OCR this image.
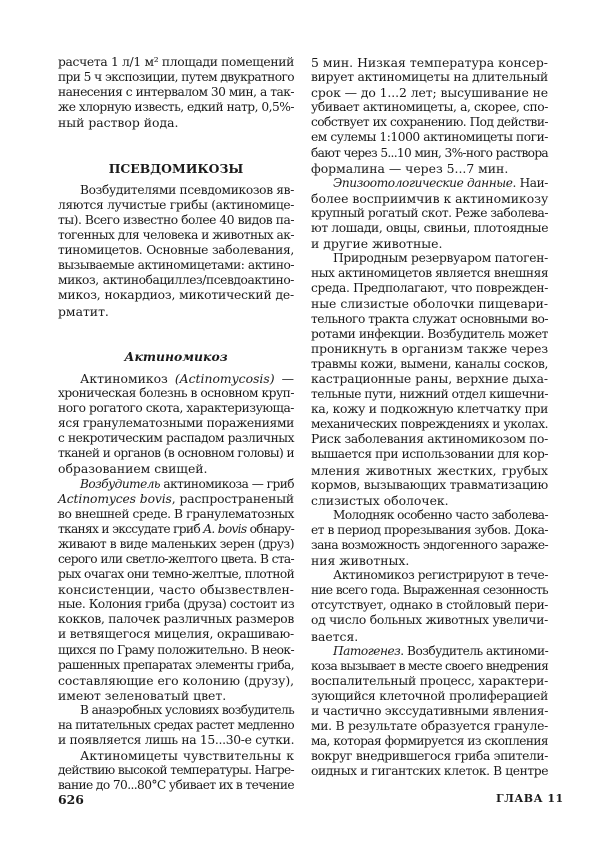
расчета 1 л/1 м² площади помещений
при 5 ч экспозиции, путем двукратного
нанесения с интервалом 30 мин, а так-
же хлорную известь, едкий натр, 0,5%-
ный раствор йода.
ПСЕВДОМИКОЗЫ
Возбудителями псевдомикозов яв-
ляются лучистые грибы (актиномице-
ты). Всего известно более 40 видов па-
тогенных для человека и животных ак-
тиномицетов. Основные заболевания,
вызываемые актиномицетами: актино-
микоз, актинобациллез/псевдоактино-
микоз, нокардиоз, микотический де-
рматит.
Актиномикоз
Актиномикоз (Actinomycosis) —
хроническая болезнь в основном круп-
ного рогатого скота, характеризующа-
яся гранулематозными поражениями
с некротическим распадом различных
тканей и органов (в основном головы) и
образованием свищей.
Возбудитель актиномикоза — гриб
Actinomyces bovis, распространеный
во внешней среде. В гранулематозных
тканях и экссудате гриб A. bovis обнару-
живают в виде маленьких зерен (друз)
серого или светло-желтого цвета. В ста-
рых очагах они темно-желтые, плотной
консистенции, часто обызвествлен-
ные. Колония гриба (друза) состоит из
кокков, палочек различных размеров
и ветвящегося мицелия, окрашиваю-
щихся по Граму положительно. В неок-
рашенных препаратах элементы гриба,
составляющие его колонию (друзу),
имеют зеленоватый цвет.
В анаэробных условиях возбудитель
на питательных средах растет медленно
и появляется лишь на 15...30-е сутки.
Актиномицеты чувствительны к
действию высокой температуры. Нагре-
вание до 70...80°С убивает их в течение
5 мин. Низкая температура консер-
вирует актиномицеты на длительный
срок — до 1...2 лет; высушивание не
убивает актиномицеты, а, скорее, спо-
собствует их сохранению. Под действи-
ем сулемы 1:1000 актиномицеты поги-
бают через 5...10 мин, 3%-ного раствора
формалина — через 5...7 мин.
Эпизоотологические данные. Наи-
более восприимчив к актиномикозу
крупный рогатый скот. Реже заболева-
ют лошади, овцы, свиньи, плотоядные
и другие животные.
Природным резервуаром патоген-
ных актиномицетов является внешняя
среда. Предполагают, что поврежден-
ные слизистые оболочки пищевари-
тельного тракта служат основными во-
ротами инфекции. Возбудитель может
проникнуть в организм также через
травмы кожи, вымени, каналы сосков,
кастрационные раны, верхние дыха-
тельные пути, нижний отдел кишечни-
ка, кожу и подкожную клетчатку при
механических повреждениях и уколах.
Риск заболевания актиномикозом по-
вышается при использовании для кор-
мления животных жестких, грубых
кормов, вызывающих травматизацию
слизистых оболочек.
Молодняк особенно часто заболева-
ет в период прорезывания зубов. Дока-
зана возможность эндогенного зараже-
ния животных.
Актиномикоз регистрируют в тече-
ние всего года. Выраженная сезонность
отсутствует, однако в стойловый пери-
од число больных животных увеличи-
вается.
Патогенез. Возбудитель актиноми-
коза вызывает в месте своего внедрения
воспалительный процесс, характери-
зующийся клеточной пролиферацией
и частично экссудативными явления-
ми. В результате образуется грануле-
ма, которая формируется из скопления
вокруг внедрившегося гриба эпители-
оидных и гигантских клеток. В центре
626	ГЛАВА 11
